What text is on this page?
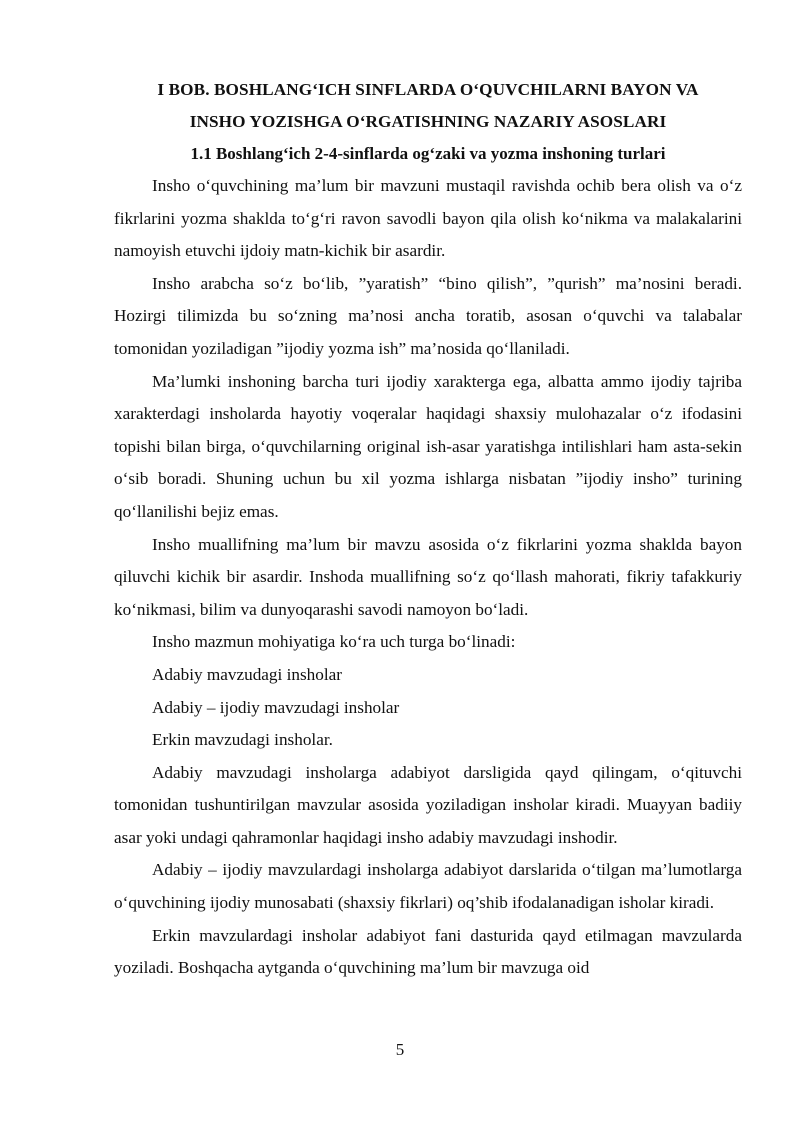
I BOB. BOSHLANG‘ICH SINFLARDA O‘QUVCHILARNI BAYON VA

INSHO YOZISHGA O‘RGATISHNING NAZARIY ASOSLARI

1.1 Boshlang‘ich 2-4-sinflarda og‘zaki va yozma inshoning turlari

Insho o‘quvchining ma’lum bir mavzuni mustaqil ravishda ochib bera olish va o‘z fikrlarini yozma shaklda to‘g‘ri ravon savodli bayon qila olish ko‘nikma va malakalarini namoyish etuvchi ijdoiy matn-kichik bir asardir.

Insho arabcha so‘z bo‘lib, ”yaratish” “bino qilish”, ”qurish” ma’nosini beradi. Hozirgi tilimizda bu so‘zning ma’nosi ancha toratib, asosan o‘quvchi va talabalar tomonidan yoziladigan ”ijodiy yozma ish” ma’nosida qo‘llaniladi.

Ma’lumki inshoning barcha turi ijodiy xarakterga ega, albatta ammo ijodiy tajriba xarakterdagi insholarda hayotiy voqeralar haqidagi shaxsiy mulohazalar o‘z ifodasini topishi bilan birga, o‘quvchilarning original ish-asar yaratishga intilishlari ham asta-sekin o‘sib boradi. Shuning uchun bu xil yozma ishlarga nisbatan ”ijodiy insho” turining qo‘llanilishi bejiz emas.

Insho muallifning ma’lum bir mavzu asosida o‘z fikrlarini yozma shaklda bayon qiluvchi kichik bir asardir. Inshoda muallifning so‘z qo‘llash mahorati, fikriy tafakkuriy ko‘nikmasi, bilim va dunyoqarashi savodi namoyon bo‘ladi.

Insho mazmun mohiyatiga ko‘ra uch turga bo‘linadi:

Adabiy mavzudagi insholar

Adabiy – ijodiy mavzudagi insholar

Erkin mavzudagi insholar.

Adabiy mavzudagi insholarga adabiyot darsligida qayd qilingam, o‘qituvchi tomonidan tushuntirilgan mavzular asosida yoziladigan insholar kiradi. Muayyan badiiy asar yoki undagi qahramonlar haqidagi insho adabiy mavzudagi inshodir.

Adabiy – ijodiy mavzulardagi insholarga adabiyot darslarida o‘tilgan ma’lumotlarga o‘quvchining ijodiy munosabati (shaxsiy fikrlari) oq’shib ifodalanadigan isholar kiradi.

Erkin mavzulardagi insholar adabiyot fani dasturida qayd etilmagan mavzularda yoziladi. Boshqacha aytganda o‘quvchining ma’lum bir mavzuga oid

5
